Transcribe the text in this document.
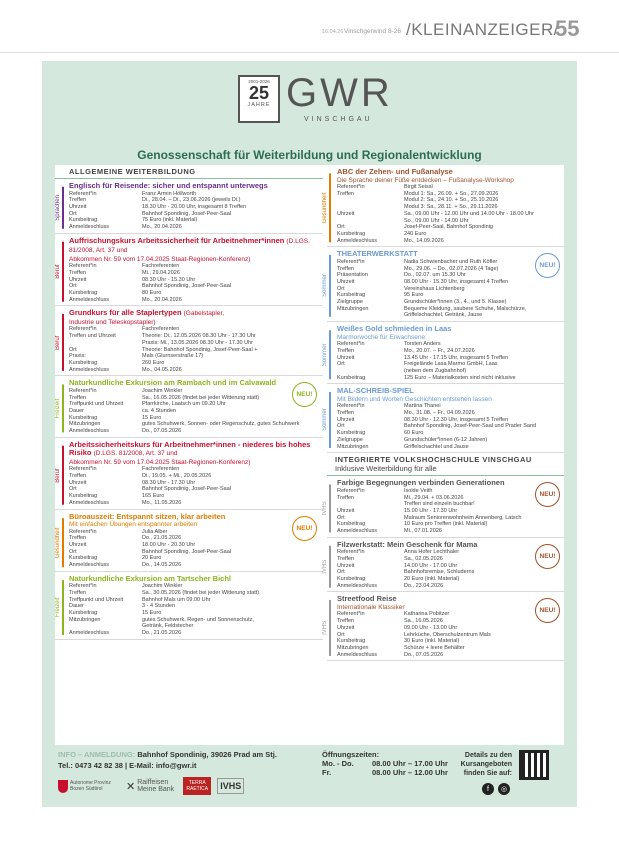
16.04.26 Vinschgerwind 8-26 /KLEINANZEIGER/
55
2001-2026
25
JAHRE GWR
VINSCHGAU
Genossenschaft für Weiterbildung und Regionalentwicklung
ALLGEMEINE WEITERBILDUNG
Sprachen
Englisch für Reisende: sicher und entspannt unterwegs
Referent*in	Franz Armin Höllworth
Treffen	Di., 28.04. – Di., 23.06.2026 (jeweils Di.)
Uhrzeit	18.30 Uhr - 20.00 Uhr, insgesamt 8 Treffen
Ort	Bahnhof Spondinig, Josef-Peer-Saal
Kursbeitrag	75 Euro (inkl. Material)
Anmeldeschluss	Mo., 20.04.2026
Beruf
Auffrischungskurs Arbeitssicherheit für Arbeitnehmer*innen (D.LGS. 81/2008, Art. 37 und
Abkommen Nr. 59 vom 17.04.2025 Staat-Regionen-Konferenz)
Referent*in	Fachreferenten
Treffen	Mi., 29.04.2026
Uhrzeit	08.30 Uhr - 15.30 Uhr
Ort	Bahnhof Spondinig, Josef-Peer-Saal
Kursbeitrag	80 Euro
Anmeldeschluss	Mo., 20.04.2026
Beruf
Grundkurs für alle Staplertypen (Gabelstapler,
Industrie und Teleskopstapler)
Referent*in	Fachreferenten
Treffen und Uhrzeit	Theorie: Di., 12.05.2026 08.30 Uhr - 17.30 Uhr
Praxis: Mi., 13.05.2026 08.30 Uhr - 17.30 Uhr
Ort	Theorie: Bahnhof Spondinig, Josef-Peer-Saal +
Praxis:	Mals (Glurnserstraße 17)
Kursbeitrag	260 Euro
Anmeldeschluss	Mo., 04.05.2026
Freizeit
Naturkundliche Exkursion am Rambach und im Calvawald
Referent*in	Joachim Winkler
Treffen	Sa., 16.05.2026 (findet bei jeder Witterung statt)
Treffpunkt und Uhrzeit	Pfarrkirche, Laatsch um 09.20 Uhr
Dauer	ca. 4 Stunden
Kursbeitrag	15 Euro
Mitzubringen	gutes Schuhwerk, Sonnen- oder Regenschutz, gutes Schuhwerk
Anmeldeschluss	Do., 07.05.2026
NEU!
Beruf
Arbeitssicherheitskurs für Arbeitnehmer*innen - niederes bis hohes Risiko (D.LGS. 81/2008, Art. 37 und
Abkommen Nr. 59 vom 17.04.2025 Staat-Regionen-Konferenz)
Referent*in	Fachreferenten
Treffen	Di., 19.05. + Mi., 20.05.2026
Uhrzeit	08.30 Uhr - 17.30 Uhr
Ort	Bahnhof Spondinig, Josef-Peer-Saal
Kursbeitrag	165 Euro
Anmeldeschluss	Mo., 11.05.2026
Gesundheit
Büroauszeit: Entspannt sitzen, klar arbeiten
Mit einfachen Übungen entspannter arbeiten
Referent*in	Julia Alber
Treffen	Do., 21.05.2026
Uhrzeit	18.00 Uhr - 20.30 Uhr
Ort	Bahnhof Spondinig, Josef-Peer-Saal
Kursbeitrag	20 Euro
Anmeldeschluss	Do., 14.05.2026
NEU!
Freizeit
Naturkundliche Exkursion am Tartscher Bichl
Referent*in	Joachim Winkler
Treffen	Sa., 30.05.2026 (findet bei jeder Witterung statt)
Treffpunkt und Uhrzeit	Bahnhof Mals um 09.00 Uhr
Dauer	3 - 4 Stunden
Kursbeitrag	15 Euro
Mitzubringen	gutes Schuhwerk, Regen- und Sonnenschutz,
Getränk, Feldstecher
Anmeldeschluss	Do., 21.05.2026
Gesundheit
ABC der Zehen- und Fußanalyse
Die Sprache deiner Füße entdecken – Fußanalyse-Workshop
Referent*in	Birgit Seissl
Treffen	Modul 1: Sa., 26.09. + So., 27.09.2026
Modul 2: Sa., 24.10. + So., 25.10.2026
Modul 3: Sa., 28.11. + So., 29.11.2026
Uhrzeit	Sa., 09.00 Uhr - 12.00 Uhr und 14.00 Uhr - 18.00 Uhr
So., 09.00 Uhr - 14.00 Uhr
Ort	Josef-Peer-Saal, Bahnhof Spondinig
Kursbeitrag	240 Euro
Anmeldeschluss	Mo., 14.09.2026
Sommer
THEATERWERKSTATT
Referent*in	Nadia Schwienbacher und Ruth Köfler
Treffen	Mo., 29.06. – Do., 02.07.2026 (4 Tage)
Präsentation	Do., 02.07. um 15.30 Uhr
Uhrzeit	08.00 Uhr - 15.30 Uhr, insgesamt 4 Treffen
Ort	Vereinshaus Lichtenberg
Kursbeitrag	95 Euro
Zielgruppe	Grundschüler*innen (3., 4., und 5. Klasse)
Mitzubringen	Bequeme Kleidung, saubere Schuhe, Malschürze,
Griffelschachtel, Getränk, Jause
NEU!
Sommer
Weißes Gold schmieden in Laas
Marmorwoche für Erwachsene
Referent*in	Torsten Anders
Treffen	Mo., 20.07. – Fr., 24.07.2026
Uhrzeit	13.45 Uhr - 17.15 Uhr, insgesamt 5 Treffen
Ort	Freigelände Lasa Marmo GmbH, Laas
(neben dem Zugbahnhof)
Kursbeitrag	125 Euro – Materialkosten sind nicht inklusive
Sommer
MAL-SCHREIB-SPIEL
Mit Bildern und Worten Geschichten entstehen lassen
Referent*in	Martina Thanei
Treffen	Mo., 31.08. – Fr., 04.09.2026
Uhrzeit	08.30 Uhr - 12.30 Uhr, insgesamt 5 Treffen
Ort	Bahnhof Spondinig, Josef-Peer-Saal und Prader Sand
Kursbeitrag	60 Euro
Zielgruppe	Grundschüler*innen (6-12 Jahren)
Mitzubringen	Griffelschachtel und Jause
INTEGRIERTE VOLKSHOCHSCHULE VINSCHGAU
Inklusive Weiterbildung für alle
IVHS
Farbige Begegnungen verbinden Generationen
Referent*in	Isolde Veith
Treffen	Mi., 29.04. + 03.06.2026
Treffen sind einzeln buchbar!
Uhrzeit	15.00 Uhr - 17.30 Uhr
Ort	Malraum Seniorenwohnheim Annenberg, Latsch
Kursbeitrag	10 Euro pro Treffen (inkl. Material)
Anmeldeschluss	Mi., 07.01.2026
NEU!
IVHS
Filzwerkstatt: Mein Geschenk für Mama
Referent*in	Anna Hofer Lechthaler
Treffen	Sa., 02.05.2026
Uhrzeit	14.00 Uhr - 17.00 Uhr
Ort	Bahnhofsremise, Schluderns
Kursbeitrag	20 Euro (inkl. Material)
Anmeldeschluss	Do., 23.04.2026
NEU!
IVHS
Streetfood Reise
Internationale Klassiker
Referent*in	Katharina Pobitzer
Treffen	Sa., 16.05.2026
Uhrzeit	09.00 Uhr - 13.00 Uhr
Ort	Lehrküche, Oberschulzentrum Mals
Kursbeitrag	30 Euro (inkl. Material)
Mitzubringen	Schürze + leere Behälter
Anmeldeschluss	Do., 07.05.2026
NEU!
INFO – ANMELDUNG: Bahnhof Spondinig, 39026 Prad am Stj.
Tel.: 0473 42 82 38 | E-Mail: info@gwr.it
Autonome Provinz Bozen Südtirol	✕ Raiffeisen Meine Bank
TERRA RAETICA	IVHS
Öffnungszeiten:
Mo. - Do.	08.00 Uhr – 17.00 Uhr
Fr.	08.00 Uhr – 12.00 Uhr
Details zu den Kursangeboten finden Sie auf:
f	◎
